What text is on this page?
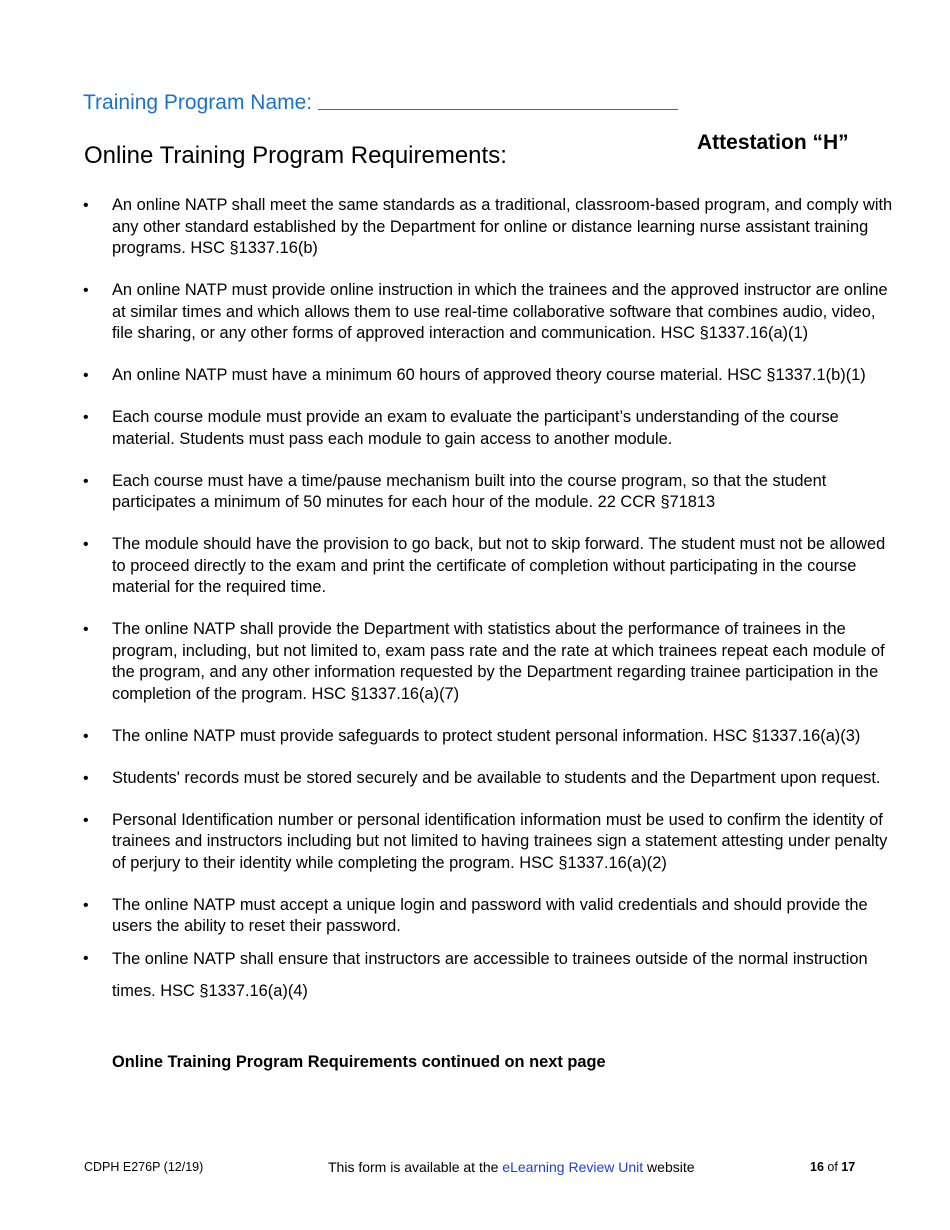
Training Program Name:
Online Training Program Requirements:	Attestation “H”
• An online NATP shall meet the same standards as a traditional, classroom-based program, and comply with any other standard established by the Department for online or distance learning nurse assistant training programs. HSC §1337.16(b)
• An online NATP must provide online instruction in which the trainees and the approved instructor are online at similar times and which allows them to use real-time collaborative software that combines audio, video, file sharing, or any other forms of approved interaction and communication. HSC §1337.16(a)(1)
• An online NATP must have a minimum 60 hours of approved theory course material. HSC §1337.1(b)(1)
• Each course module must provide an exam to evaluate the participant’s understanding of the course material. Students must pass each module to gain access to another module.
• Each course must have a time/pause mechanism built into the course program, so that the student participates a minimum of 50 minutes for each hour of the module. 22 CCR §71813
• The module should have the provision to go back, but not to skip forward. The student must not be allowed to proceed directly to the exam and print the certificate of completion without participating in the course material for the required time.
• The online NATP shall provide the Department with statistics about the performance of trainees in the program, including, but not limited to, exam pass rate and the rate at which trainees repeat each module of the program, and any other information requested by the Department regarding trainee participation in the completion of the program. HSC §1337.16(a)(7)
• The online NATP must provide safeguards to protect student personal information. HSC §1337.16(a)(3)
• Students' records must be stored securely and be available to students and the Department upon request.
• Personal Identification number or personal identification information must be used to confirm the identity of trainees and instructors including but not limited to having trainees sign a statement attesting under penalty of perjury to their identity while completing the program. HSC §1337.16(a)(2)
• The online NATP must accept a unique login and password with valid credentials and should provide the users the ability to reset their password.
• The online NATP shall ensure that instructors are accessible to trainees outside of the normal instruction times. HSC §1337.16(a)(4)
Online Training Program Requirements continued on next page
CDPH E276P (12/19)	This form is available at the eLearning Review Unit website	16 of 17
